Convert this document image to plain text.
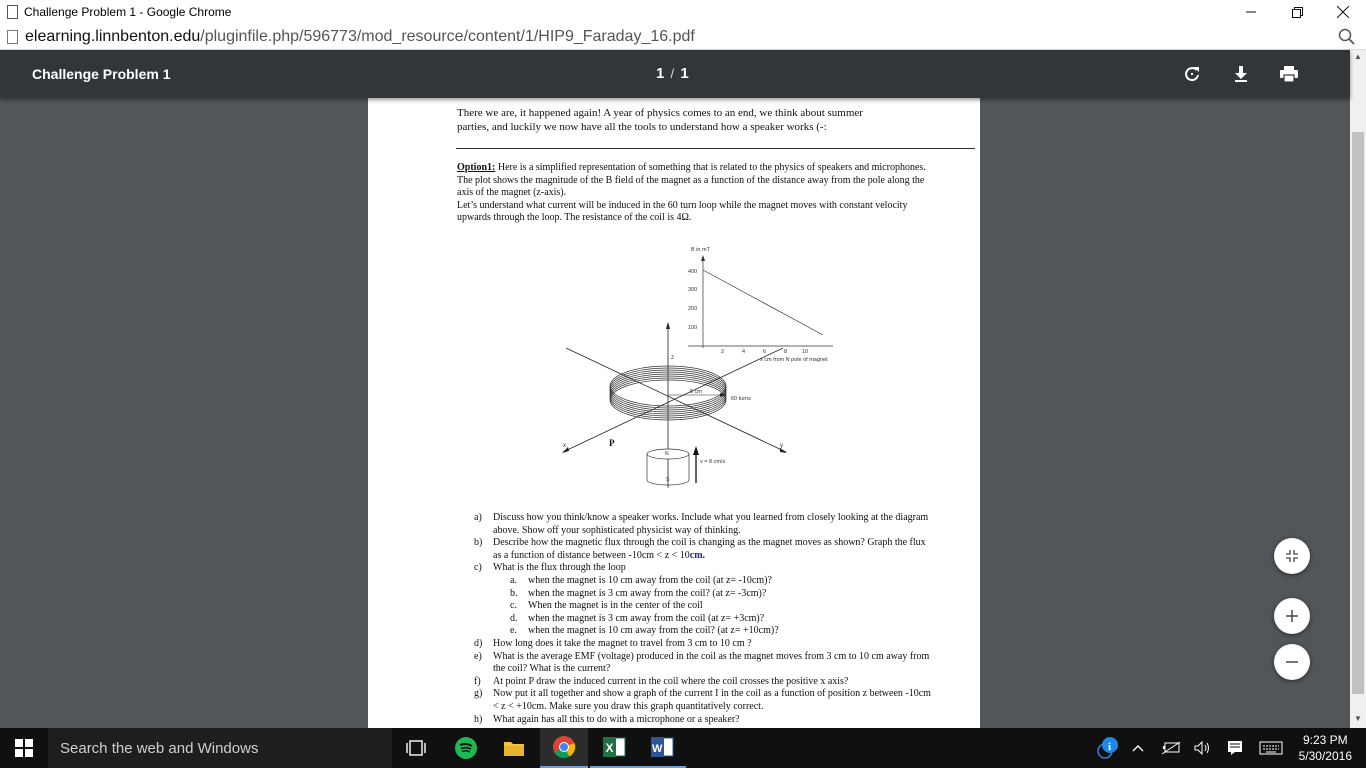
Challenge Problem 1 - Google Chrome
elearning.linnbenton.edu/pluginfile.php/596773/mod_resource/content/1/HIP9_Faraday_16.pdf
Challenge Problem 1	1 / 1
▲
▼
There we are, it happened again! A year of physics comes to an end, we think about summer
parties, and luckily we now have all the tools to understand how a speaker works (-:
Option1: Here is a simplified representation of something that is related to the physics of speakers and microphones. The plot shows the magnitude of the B field of the magnet as a function of the distance away from the pole along the axis of the magnet (z-axis).
Let’s understand what current will be induced in the 60 turn loop while the magnet moves with constant velocity upwards through the loop. The resistance of the coil is 4Ω.
B in mT
400
300
200
100
2	4	6	8	10
x cm from N pole of magnet
z
x	y
P
5 cm
60 turns
N
S
v = 8 cm/s
a)	Discuss how you think/know a speaker works. Include what you learned from closely looking at the diagram above. Show off your sophisticated physicist way of thinking.
b)	Describe how the magnetic flux through the coil is changing as the magnet moves as shown? Graph the flux as a function of distance between -10cm < z < 10cm.
c)	What is the flux through the loop
a.	when the magnet is 10 cm away from the coil (at z= -10cm)?
b.	when the magnet is 3 cm away from the coil? (at z= -3cm)?
c.	When the magnet is in the center of the coil
d.	when the magnet is 3 cm away from the coil (at z= +3cm)?
e.	when the magnet is 10 cm away from the coil? (at z= +10cm)?
d)	How long does it take the magnet to travel from 3 cm to 10 cm ?
e)	What is the average EMF (voltage) produced in the coil as the magnet moves from 3 cm to 10 cm away from the coil? What is the current?
f)	At point P draw the induced current in the coil where the coil crosses the positive x axis?
g)	Now put it all together and show a graph of the current I in the coil as a function of position z between -10cm < z < +10cm. Make sure you draw this graph quantitatively correct.
h)	What again has all this to do with a microphone or a speaker?
Search the web and Windows	X	W	i	9:23 PM
5/30/2016
